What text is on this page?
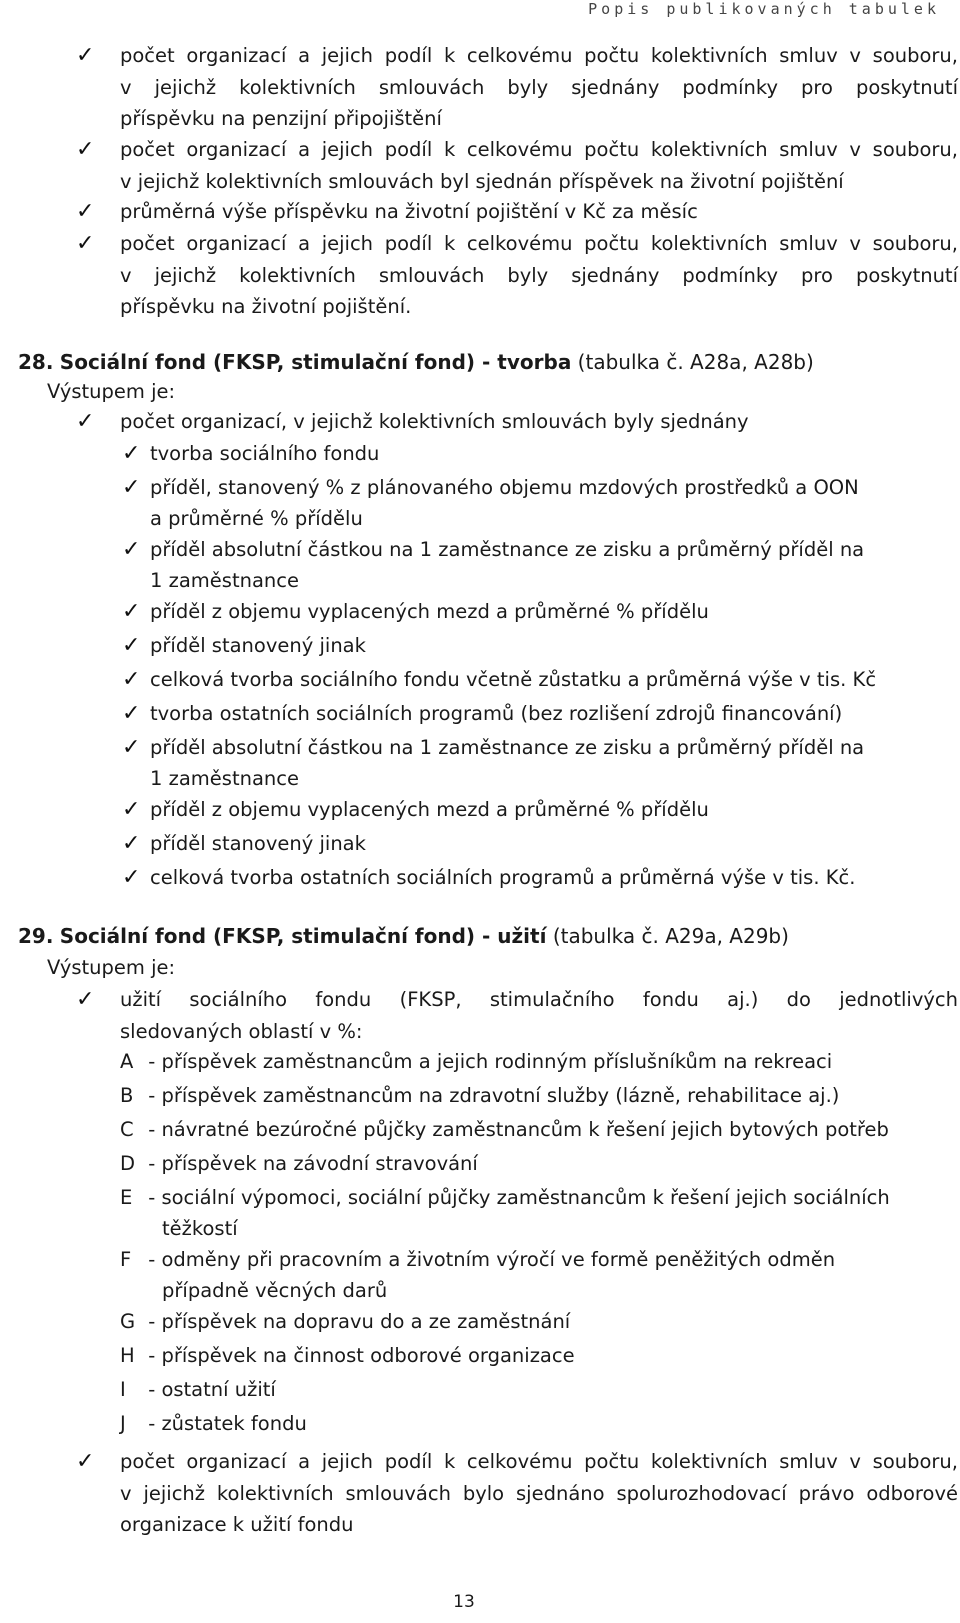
Popis publikovaných tabulek
✓ počet organizací a jejich podíl k celkovému počtu kolektivních smluv v souboru,
v jejichž kolektivních smlouvách byly sjednány podmínky pro poskytnutí
příspěvku na penzijní připojištění
✓ počet organizací a jejich podíl k celkovému počtu kolektivních smluv v souboru,
v jejichž kolektivních smlouvách byl sjednán příspěvek na životní pojištění
✓ průměrná výše příspěvku na životní pojištění v Kč za měsíc
✓ počet organizací a jejich podíl k celkovému počtu kolektivních smluv v souboru,
v jejichž kolektivních smlouvách byly sjednány podmínky pro poskytnutí
příspěvku na životní pojištění.
28. Sociální fond (FKSP, stimulační fond) - tvorba (tabulka č. A28a, A28b)
Výstupem je:
✓ počet organizací, v jejichž kolektivních smlouvách byly sjednány
✓ tvorba sociálního fondu
✓ příděl, stanovený % z plánovaného objemu mzdových prostředků a OON
a průměrné % přídělu
✓ příděl absolutní částkou na 1 zaměstnance ze zisku a průměrný příděl na
1 zaměstnance
✓ příděl z objemu vyplacených mezd a průměrné % přídělu
✓ příděl stanovený jinak
✓ celková tvorba sociálního fondu včetně zůstatku a průměrná výše v tis. Kč
✓ tvorba ostatních sociálních programů (bez rozlišení zdrojů financování)
✓ příděl absolutní částkou na 1 zaměstnance ze zisku a průměrný příděl na
1 zaměstnance
✓ příděl z objemu vyplacených mezd a průměrné % přídělu
✓ příděl stanovený jinak
✓ celková tvorba ostatních sociálních programů a průměrná výše v tis. Kč.
29. Sociální fond (FKSP, stimulační fond) - užití (tabulka č. A29a, A29b)
Výstupem je:
✓ užití sociálního fondu (FKSP, stimulačního fondu aj.) do jednotlivých
sledovaných oblastí v %:
A - příspěvek zaměstnancům a jejich rodinným příslušníkům na rekreaci
B - příspěvek zaměstnancům na zdravotní služby (lázně, rehabilitace aj.)
C - návratné bezúročné půjčky zaměstnancům k řešení jejich bytových potřeb
D - příspěvek na závodní stravování
E - sociální výpomoci, sociální půjčky zaměstnancům k řešení jejich sociálních
těžkostí
F - odměny při pracovním a životním výročí ve formě peněžitých odměn
případně věcných darů
G - příspěvek na dopravu do a ze zaměstnání
H - příspěvek na činnost odborové organizace
I - ostatní užití
J - zůstatek fondu
✓ počet organizací a jejich podíl k celkovému počtu kolektivních smluv v souboru,
v jejichž kolektivních smlouvách bylo sjednáno spolurozhodovací právo odborové
organizace k užití fondu
13
